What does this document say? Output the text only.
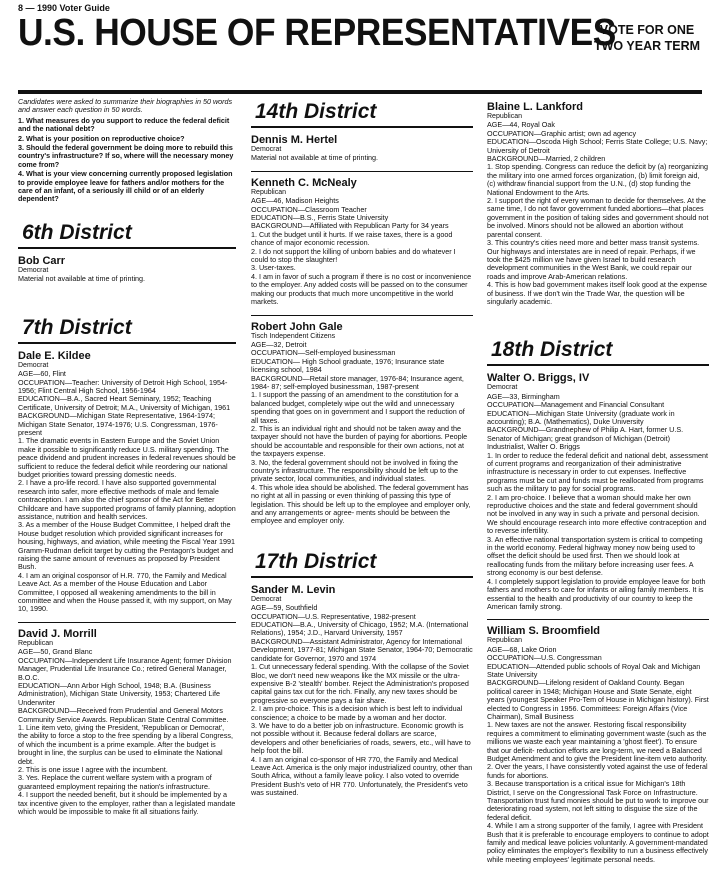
8 — 1990 Voter Guide
U.S. HOUSE OF REPRESENTATIVES
VOTE FOR ONE
TWO YEAR TERM
Candidates were asked to summarize their biographies in 50 words and answer each question in 50 words.
1. What measures do you support to reduce the federal deficit and the national debt?
2. What is your position on reproductive choice?
3. Should the federal government be doing more to rebuild this country's infrastructure? If so, where will the necessary money come from?
4. What is your view concerning currently proposed legislation to provide employee leave for fathers and/or mothers for the care of an infant, of a seriously ill child or of an elderly dependent?
6th District
Bob Carr
Democrat
Material not available at time of printing.
7th District
Dale E. Kildee
Democrat
AGE—60, Flint
OCCUPATION—Teacher: University of Detroit High School, 1954- 1956; Flint Central High School, 1956-1964
EDUCATION—B.A., Sacred Heart Seminary, 1952; Teaching Certificate, University of Detroit; M.A., University of Michigan, 1961
BACKGROUND—Michigan State Representative, 1964-1974; Michigan State Senator, 1974-1976; U.S. Congressman, 1976-present
1. The dramatic events in Eastern Europe and the Soviet Union make it possible to significantly reduce U.S. military spending. The peace dividend and prudent increases in federal revenues should be sufficient to reduce the federal deficit while reordering our national budget priorities toward pressing domestic needs.
2. I have a pro-life record. I have also supported governmental research into safer, more effective methods of male and female contraception. I am also the chief sponsor of the Act for Better Childcare and have supported programs of family planning, adoption assistance, nutrition and health services.
3. As a member of the House Budget Committee, I helped draft the House budget resolution which provided significant increases for housing, highways, and aviation, while meeting the Fiscal Year 1991 Gramm-Rudman deficit target by cutting the Pentagon's budget and raising the same amount of revenues as proposed by President Bush.
4. I am an original cosponsor of H.R. 770, the Family and Medical Leave Act. As a member of the House Education and Labor Committee, I opposed all weakening amendments to the bill in committee and when the House passed it, with my support, on May 10, 1990.
David J. Morrill
Republican
AGE—50, Grand Blanc
OCCUPATION—Independent Life Insurance Agent; former Division Manager, Prudential Life Insurance Co.; retired General Manager, B.O.C.
EDUCATION—Ann Arbor High School, 1948; B.A. (Business Administration), Michigan State University, 1953; Chartered Life Underwriter
BACKGROUND—Received from Prudential and General Motors Community Service Awards. Republican State Central Committee.
1. Line item veto, giving the President, 'Republican or Democrat', the ability to force a stop to the free spending by a liberal Congress, of which the incumbent is a prime example. After the budget is brought in line, the surplus can be used to eliminate the National debt.
2. This is one issue I agree with the incumbent.
3. Yes. Replace the current welfare system with a program of guaranteed employment repairing the nation's infrastructure.
4. I support the needed benefit, but it should be implemented by a tax incentive given to the employer, rather than a legislated mandate which would be impossible to make fit all situations fairly.
14th District
Dennis M. Hertel
Democrat
Material not available at time of printing.
Kenneth C. McNealy
Republican
AGE—46, Madison Heights
OCCUPATION—Classroom Teacher
EDUCATION—B.S., Ferris State University
BACKGROUND—Affiliated with Republican Party for 34 years
1. Cut the budget until it hurts. If we raise taxes, there is a good chance of major economic recession.
2. I do not support the killing of unborn babies and do whatever I could to stop the slaughter!
3. User-taxes.
4. I am in favor of such a program if there is no cost or inconvenience to the employer. Any added costs will be passed on to the consumer making our products that much more uncompetitive in the world markets.
Robert John Gale
Tisch Independent Citizens
AGE—32, Detroit
OCCUPATION—Self-employed businessman
EDUCATION— High School graduate, 1976; Insurance state licensing school, 1984
BACKGROUND—Retail store manager, 1976-84; Insurance agent, 1984- 87; self-employed businessman, 1987-present
1. I support the passing of an amendment to the constitution for a balanced budget, completely wipe out the wild and unnecessary spending that goes on in government and I support the reduction of all taxes.
2. This is an individual right and should not be taken away and the taxpayer should not have the burden of paying for abortions. People should be accountable and responsible for their own actions, not at the taxpayers expense.
3. No, the federal government should not be involved in fixing the country's infrastructure. The responsibility should be left up to the private sector, local communities, and individual states.
4. This whole idea should be abolished. The federal government has no right at all in passing or even thinking of passing this type of legislation. This should be left up to the employee and employer only, and any arrangements or agree- ments should be between the employee and employer only.
17th District
Sander M. Levin
Democrat
AGE—59, Southfield
OCCUPATION—U.S. Representative, 1982-present
EDUCATION—B.A., University of Chicago, 1952; M.A. (International Relations), 1954; J.D., Harvard University, 1957
BACKGROUND—Assistant Administrator, Agency for International Development, 1977-81; Michigan State Senator, 1964-70; Democratic candidate for Governor, 1970 and 1974
1. Cut unnecessary federal spending. With the collapse of the Soviet Bloc, we don't need new weapons like the MX missile or the ultra-expensive B-2 'stealth' bomber. Reject the Administration's proposed capital gains tax cut for the rich. Finally, any new taxes should be progressive so everyone pays a fair share.
2. I am pro-choice. This is a decision which is best left to individual conscience; a choice to be made by a woman and her doctor.
3. We have to do a better job on infrastructure. Economic growth is not possible without it. Because federal dollars are scarce, developers and other beneficiaries of roads, sewers, etc., will have to help foot the bill.
4. I am an original co-sponsor of HR 770, the Family and Medical Leave Act. America is the only major industrialized country, other than South Africa, without a family leave policy. I also voted to override President Bush's veto of HR 770. Unfortunately, the President's veto was sustained.
Blaine L. Lankford
Republican
AGE—44, Royal Oak
OCCUPATION—Graphic artist; own ad agency
EDUCATION—Oscoda High School; Ferris State College; U.S. Navy; University of Detroit
BACKGROUND—Married, 2 children
1. Stop spending. Congress can reduce the deficit by (a) reorganizing the military into one armed forces organization, (b) limit foreign aid, (c) withdraw financial support from the U.N., (d) stop funding the National Endowment to the Arts.
2. I support the right of every woman to decide for themselves. At the same time, I do not favor government funded abortions—that places government in the position of taking sides and government should not be involved. Minors should not be allowed an abortion without parental consent.
3. This country's cities need more and better mass transit systems. Our highways and interstates are in need of repair. Perhaps, if we took the $425 million we have given Israel to build research development communities in the West Bank, we could repair our roads and improve Arab-American relations.
4. This is how bad government makes itself look good at the expense of business. If we don't win the Trade War, the question will be singularly academic.
18th District
Walter O. Briggs, IV
Democrat
AGE—33, Birmingham
OCCUPATION—Management and Financial Consultant
EDUCATION—Michigan State University (graduate work in accounting); B.A. (Mathematics), Duke University
BACKGROUND—Grandnephew of Philip A. Hart, former U.S. Senator of Michigan; great grandson of Michigan (Detroit) Industrialist, Walter O. Briggs
1. In order to reduce the federal deficit and national debt, assessment of current programs and reorganization of their administrative infrastructure is necessary in order to cut expenses. Ineffective programs must be cut and funds must be reallocated from programs such as the military to pay for social programs.
2. I am pro-choice. I believe that a woman should make her own reproductive choices and the state and federal government should not be involved in any way in such a private and personal decision. We should encourage research into more effective contraception and to reverse infertility.
3. An effective national transportation system is critical to competing in the world economy. Federal highway money now being used to offset the deficit should be used first. Then we should look at reallocating funds from the military before increasing user fees. A strong economy is our best defense.
4. I completely support legislation to provide employee leave for both fathers and mothers to care for infants or ailing family members. It is essential to the health and productivity of our country to keep the American family strong.
William S. Broomfield
Republican
AGE—68, Lake Orion
OCCUPATION—U.S. Congressman
EDUCATION—Attended public schools of Royal Oak and Michigan State University
BACKGROUND—Lifelong resident of Oakland County. Began political career in 1948; Michigan House and State Senate, eight years (youngest Speaker Pro-Tem of House in Michigan history). First elected to Congress in 1956. Committees: Foreign Affairs (Vice Chairman), Small Business
1. New taxes are not the answer. Restoring fiscal responsibility requires a commitment to eliminating government waste (such as the millions we waste each year maintaining a 'ghost fleet'). To ensure that our deficit- reduction efforts are long-term, we need a Balanced Budget Amendment and to give the President line-item veto authority.
2. Over the years, I have consistently voted against the use of federal funds for abortions.
3. Because transportation is a critical issue for Michigan's 18th District, I serve on the Congressional Task Force on Infrastructure. Transportation trust fund monies should be put to work to improve our deteriorating road system, not left sitting to disguise the size of the federal deficit.
4. While I am a strong supporter of the family, I agree with President Bush that it is preferable to encourage employers to continue to adopt family and medical leave policies voluntarily. A government-mandated policy eliminates the employer's flexibility to run a business effectively while meeting employees' legitimate personal needs.
